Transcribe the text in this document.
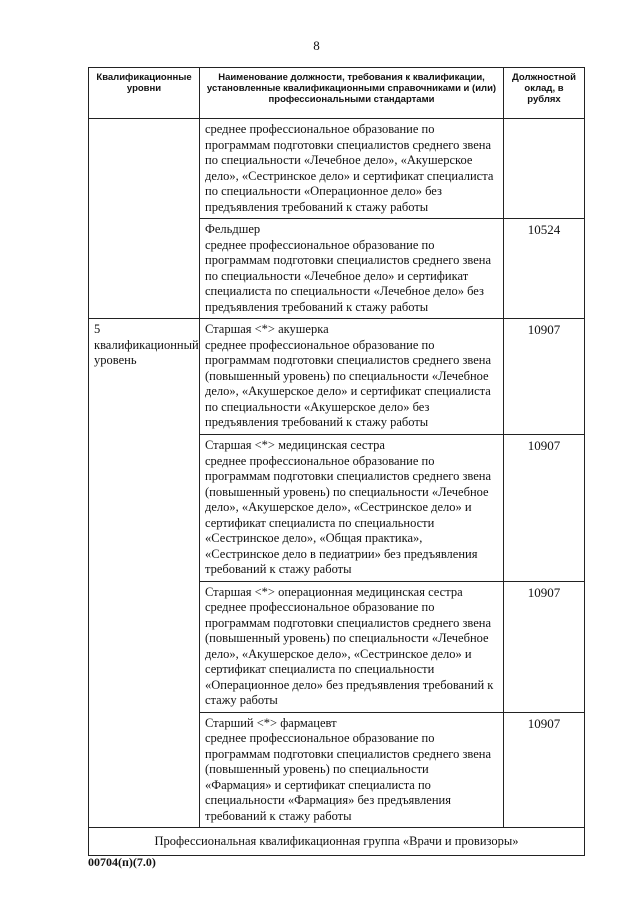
8
Квалификационные уровни	Наименование должности, требования к квалификации, установленные квалификационными справочниками и (или) профессиональными стандартами	Должностной оклад, в рублях

	среднее профессиональное образование по программам подготовки специалистов среднего звена по специальности «Лечебное дело», «Акушерское дело», «Сестринское дело» и сертификат специалиста по специальности «Операционное дело» без предъявления требований к стажу работы	

	Фельдшер
среднее профессиональное образование по программам подготовки специалистов среднего звена по специальности «Лечебное дело» и сертификат специалиста по специальности «Лечебное дело» без предъявления требований к стажу работы	10524
5 квалификационный уровень	Старшая <*> акушерка
среднее профессиональное образование по программам подготовки специалистов среднего звена (повышенный уровень) по специальности «Лечебное дело», «Акушерское дело» и сертификат специалиста по специальности «Акушерское дело» без предъявления требований к стажу работы	10907

	Старшая <*> медицинская сестра
среднее профессиональное образование по программам подготовки специалистов среднего звена (повышенный уровень) по специальности «Лечебное дело», «Акушерское дело», «Сестринское дело» и сертификат специалиста по специальности «Сестринское дело», «Общая практика», «Сестринское дело в педиатрии» без предъявления требований к стажу работы	10907

	Старшая <*> операционная медицинская сестра
среднее профессиональное образование по программам подготовки специалистов среднего звена (повышенный уровень) по специальности «Лечебное дело», «Акушерское дело», «Сестринское дело» и сертификат специалиста по специальности «Операционное дело» без предъявления требований к стажу работы	10907

	Старший <*> фармацевт
среднее профессиональное образование по программам подготовки специалистов среднего звена (повышенный уровень) по специальности «Фармация» и сертификат специалиста по специальности «Фармация» без предъявления требований к стажу работы	10907
Профессиональная квалификационная группа «Врачи и провизоры»		
00704(п)(7.0)
